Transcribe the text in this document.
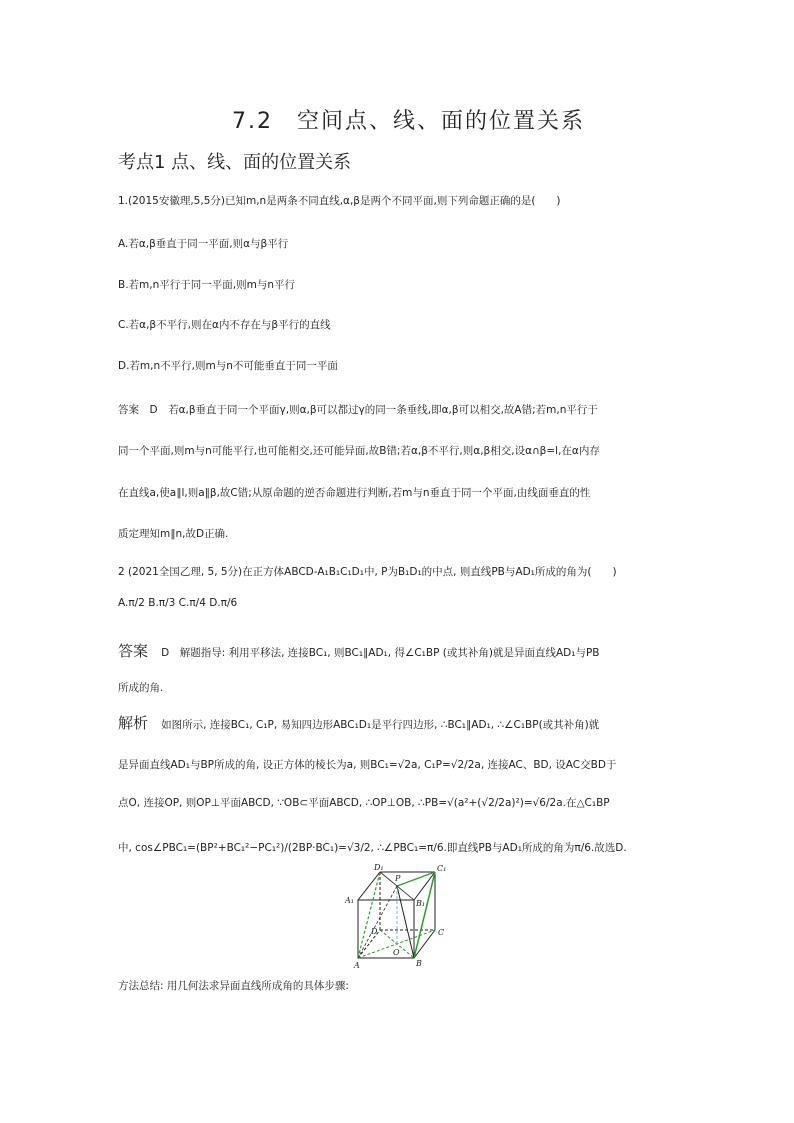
7.2　空间点、线、面的位置关系
考点1 点、线、面的位置关系
1.(2015安徽理,5,5分)已知m,n是两条不同直线,α,β是两个不同平面,则下列命题正确的是(　　)
A.若α,β垂直于同一平面,则α与β平行
B.若m,n平行于同一平面,则m与n平行
C.若α,β不平行,则在α内不存在与β平行的直线
D.若m,n不平行,则m与n不可能垂直于同一平面
答案　D　若α,β垂直于同一个平面γ,则α,β可以都过γ的同一条垂线,即α,β可以相交,故A错;若m,n平行于
同一个平面,则m与n可能平行,也可能相交,还可能异面,故B错;若α,β不平行,则α,β相交,设α∩β=l,在α内存
在直线a,使a∥l,则a∥β,故C错;从原命题的逆否命题进行判断,若m与n垂直于同一个平面,由线面垂直的性
质定理知m∥n,故D正确.
2 (2021全国乙理, 5, 5分)在正方体ABCD-A₁B₁C₁D₁中, P为B₁D₁的中点, 则直线PB与AD₁所成的角为(　　)
A.π/2 B.π/3 C.π/4 D.π/6
答案 D　解题指导: 利用平移法, 连接BC₁, 则BC₁∥AD₁, 得∠C₁BP (或其补角)就是异面直线AD₁与PB
所成的角.
解析 如图所示, 连接BC₁, C₁P, 易知四边形ABC₁D₁是平行四边形, ∴BC₁∥AD₁, ∴∠C₁BP(或其补角)就
是异面直线AD₁与BP所成的角, 设正方体的棱长为a, 则BC₁=√2a, C₁P=√2/2a, 连接AC、BD, 设AC交BD于
点O, 连接OP, 则OP⊥平面ABCD, ∵OB⊂平面ABCD, ∴OP⊥OB, ∴PB=√(a²+(√2/2a)²)=√6/2a.在△C₁BP
中, cos∠PBC₁=(BP²+BC₁²−PC₁²)/(2BP·BC₁)=√3/2, ∴∠PBC₁=π/6.即直线PB与AD₁所成的角为π/6.故选D.
D₁
P
C₁
A₁	B₁
D	C
O
A	B
方法总结: 用几何法求异面直线所成角的具体步骤:
